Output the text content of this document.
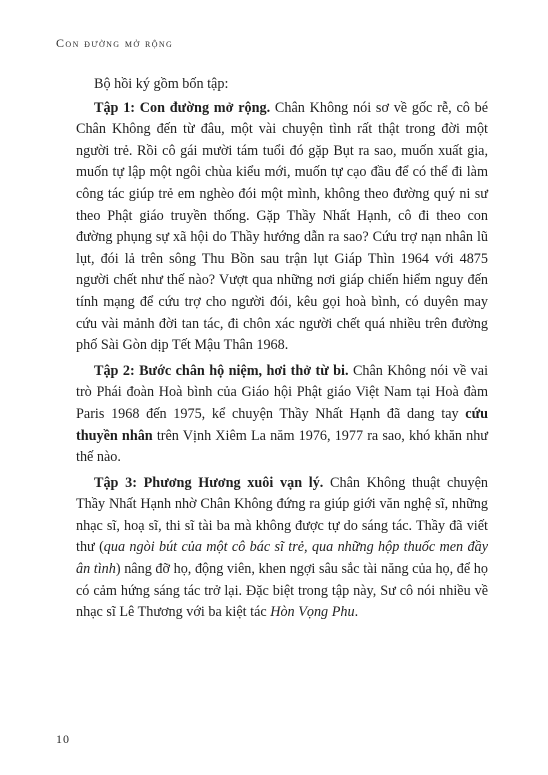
Con đường mở rộng

Bộ hồi ký gồm bốn tập:

Tập 1: Con đường mở rộng. Chân Không nói sơ về gốc rễ, cô bé Chân Không đến từ đâu, một vài chuyện tình rất thật trong đời một người trẻ. Rồi cô gái mười tám tuổi đó gặp Bụt ra sao, muốn xuất gia, muốn tự lập một ngôi chùa kiểu mới, muốn tự cạo đầu để có thể đi làm công tác giúp trẻ em nghèo đói một mình, không theo đường quý ni sư theo Phật giáo truyền thống. Gặp Thầy Nhất Hạnh, cô đi theo con đường phụng sự xã hội do Thầy hướng dẫn ra sao? Cứu trợ nạn nhân lũ lụt, đói lả trên sông Thu Bồn sau trận lụt Giáp Thìn 1964 với 4875 người chết như thế nào? Vượt qua những nơi giáp chiến hiểm nguy đến tính mạng để cứu trợ cho người đói, kêu gọi hoà bình, có duyên may cứu vài mảnh đời tan tác, đi chôn xác người chết quá nhiều trên đường phố Sài Gòn dịp Tết Mậu Thân 1968.

Tập 2: Bước chân hộ niệm, hơi thở từ bi. Chân Không nói về vai trò Phái đoàn Hoà bình của Giáo hội Phật giáo Việt Nam tại Hoà đàm Paris 1968 đến 1975, kể chuyện Thầy Nhất Hạnh đã dang tay cứu thuyền nhân trên Vịnh Xiêm La năm 1976, 1977 ra sao, khó khăn như thế nào.

Tập 3: Phương Hương xuôi vạn lý. Chân Không thuật chuyện Thầy Nhất Hạnh nhờ Chân Không đứng ra giúp giới văn nghệ sĩ, những nhạc sĩ, hoạ sĩ, thi sĩ tài ba mà không được tự do sáng tác. Thầy đã viết thư (qua ngòi bút của một cô bác sĩ trẻ, qua những hộp thuốc men đầy ân tình) nâng đỡ họ, động viên, khen ngợi sâu sắc tài năng của họ, để họ có cảm hứng sáng tác trở lại. Đặc biệt trong tập này, Sư cô nói nhiều về nhạc sĩ Lê Thương với ba kiệt tác Hòn Vọng Phu.

10
